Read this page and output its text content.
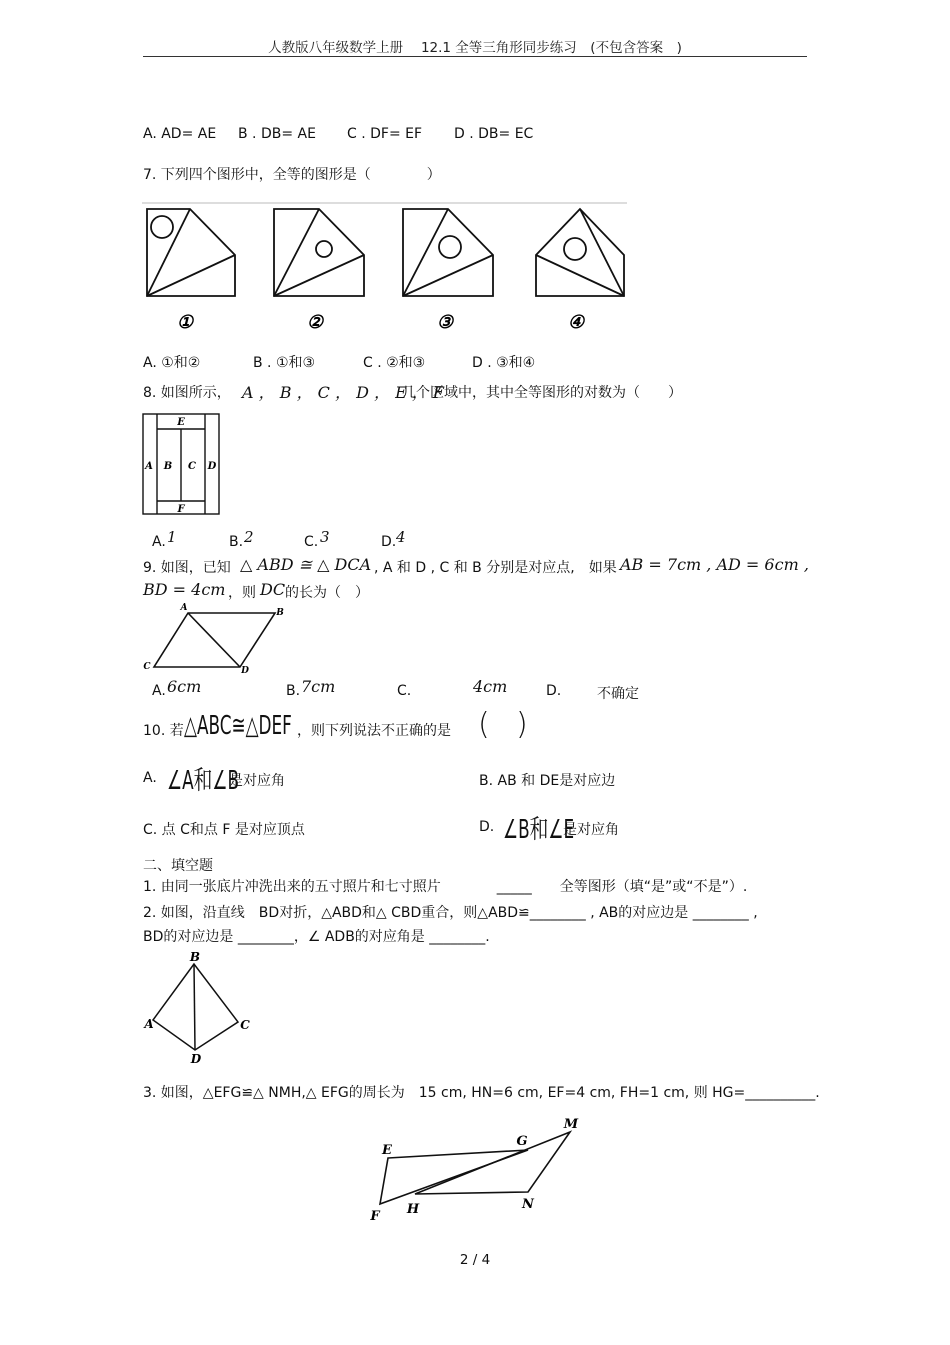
人教版八年级数学上册　 12.1 全等三角形同步练习　(不包含答案　)
A. AD= AE B . DB= AE C . DF= EF D . DB= EC
7. 下列四个图形中，全等的图形是（　　　　）
①	②	③	④
A. ①和②	B . ①和③	C . ②和③	D . ③和④
8. 如图所示， A ， B ， C ， D ， E ， F
几个区域中，其中全等图形的对数为（　　）
E
A B C D
F
A. 1	B. 2	C. 3	D. 4
9. 如图，已知 △ ABD ≅ △ DCA , A 和 D , C 和 B 分别是对应点,　如果 AB = 7cm , AD = 6cm ,
BD = 4cm ，则 DC 的长为（　）
A	B
C	D
A. 6cm	B. 7cm	C.	4cm	D.	不确定
10. 若 △ABC≅△DEF ，则下列说法不正确的是 ( )
A. ∠A和∠B
是对应角	B. AB 和 DE是对应边
C. 点 C和点 F 是对应顶点	D. ∠B和∠E
是对应角
二、填空题
1. 由同一张底片冲洗出来的五寸照片和七寸照片　　　　_____　　全等图形（填“是”或“不是”）.
2. 如图，沿直线　BD对折，△ABD和△ CBD重合，则△ABD≌________ , AB的对应边是 ________ ,
BD的对应边是 ________，∠ ADB的对应角是 ________.
B
A	C
D
3. 如图，△EFG≌△ NMH,△ EFG的周长为　15 cm, HN=6 cm, EF=4 cm, FH=1 cm, 则 HG=__________.
E
G
M
F H	N
2 / 4
